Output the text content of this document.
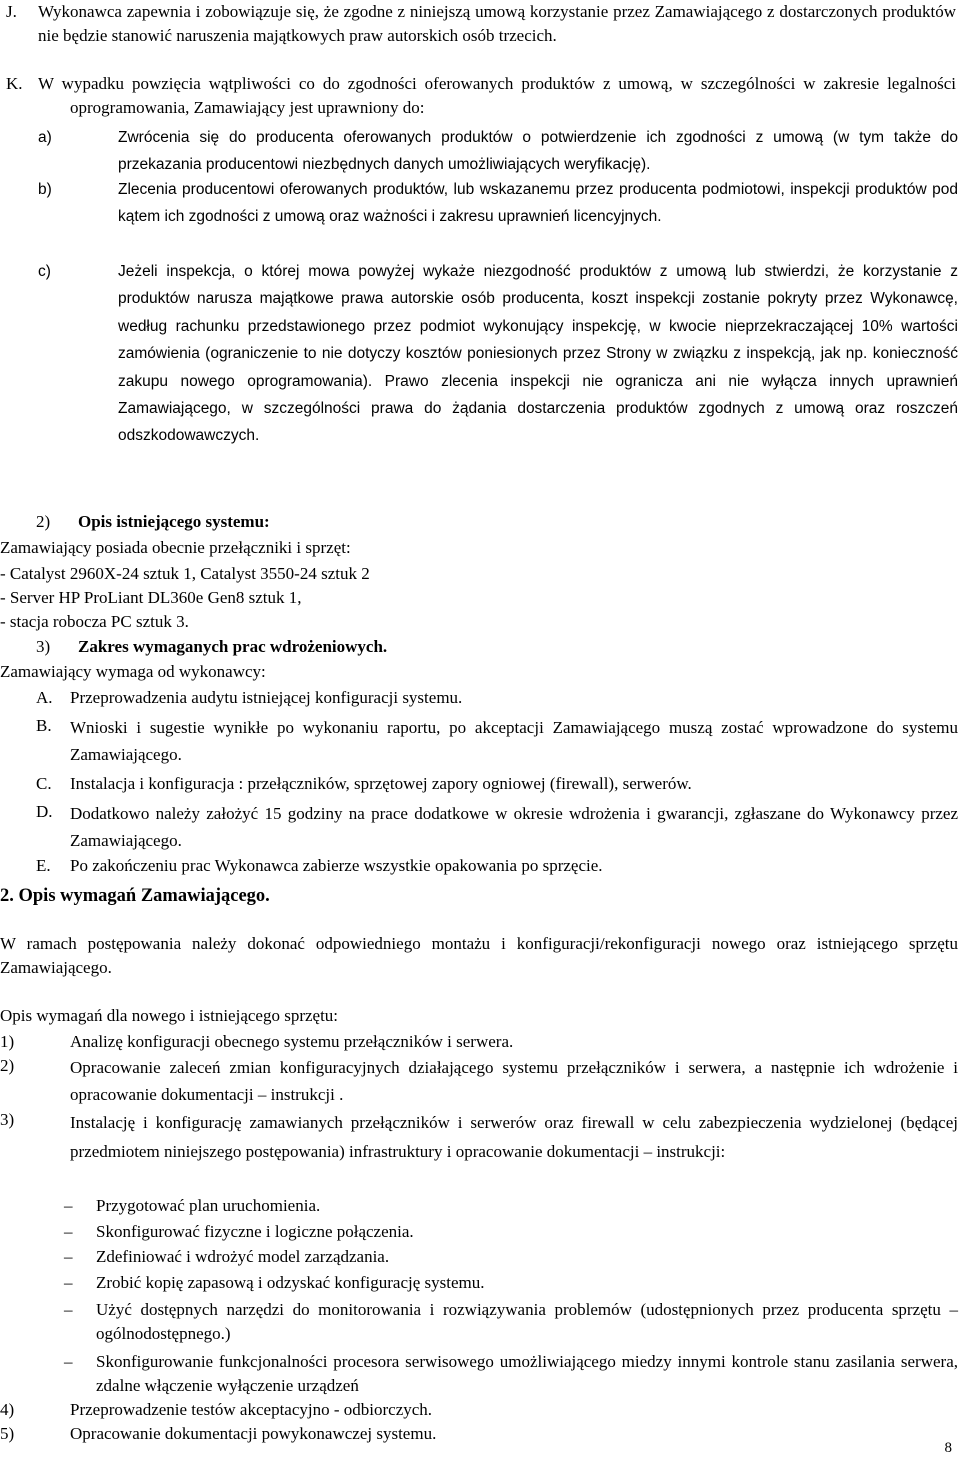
J. Wykonawca zapewnia i zobowiązuje się, że zgodne z niniejszą umową korzystanie przez Zamawiającego z dostarczonych produktów nie będzie stanowić naruszenia majątkowych praw autorskich osób trzecich.
K. W wypadku powzięcia wątpliwości co do zgodności oferowanych produktów z umową, w szczególności w zakresie legalności oprogramowania, Zamawiający jest uprawniony do:
a)	Zwrócenia się do producenta oferowanych produktów o potwierdzenie ich zgodności z umową (w tym także do przekazania producentowi niezbędnych danych umożliwiających weryfikację).
b)	Zlecenia producentowi oferowanych produktów, lub wskazanemu przez producenta podmiotowi, inspekcji produktów pod kątem ich zgodności z umową oraz ważności i zakresu uprawnień licencyjnych.
c)	Jeżeli inspekcja, o której mowa powyżej wykaże niezgodność produktów z umową lub stwierdzi, że korzystanie z produktów narusza majątkowe prawa autorskie osób producenta, koszt inspekcji zostanie pokryty przez Wykonawcę, według rachunku przedstawionego przez podmiot wykonujący inspekcję, w kwocie nieprzekraczającej 10% wartości zamówienia (ograniczenie to nie dotyczy kosztów poniesionych przez Strony w związku z inspekcją, jak np. konieczność zakupu nowego oprogramowania). Prawo zlecenia inspekcji nie ogranicza ani nie wyłącza innych uprawnień Zamawiającego, w szczególności prawa do żądania dostarczenia produktów zgodnych z umową oraz roszczeń odszkodowawczych.
2) Opis istniejącego systemu:
Zamawiający posiada obecnie przełączniki i sprzęt:
- Catalyst 2960X-24 sztuk 1, Catalyst 3550-24 sztuk 2
- Server HP ProLiant DL360e Gen8 sztuk 1,
- stacja robocza PC sztuk 3.
3) Zakres wymaganych prac wdrożeniowych.
Zamawiający wymaga od wykonawcy:
A. Przeprowadzenia audytu istniejącej konfiguracji systemu.
B. Wnioski i sugestie wynikłe po wykonaniu raportu, po akceptacji Zamawiającego muszą zostać wprowadzone do systemu Zamawiającego.
C. Instalacja i konfiguracja : przełączników, sprzętowej zapory ogniowej (firewall), serwerów.
D. Dodatkowo należy założyć 15 godziny na prace dodatkowe w okresie wdrożenia i gwarancji, zgłaszane do Wykonawcy przez Zamawiającego.
E. Po zakończeniu prac Wykonawca zabierze wszystkie opakowania po sprzęcie.
2. Opis wymagań Zamawiającego.
W ramach postępowania należy dokonać odpowiedniego montażu i konfiguracji/rekonfiguracji nowego oraz istniejącego sprzętu Zamawiającego.
Opis wymagań dla nowego i istniejącego sprzętu:
1)	Analizę konfiguracji obecnego systemu przełączników i serwera.
2)	Opracowanie zaleceń zmian konfiguracyjnych działającego systemu przełączników i serwera, a następnie ich wdrożenie i opracowanie dokumentacji – instrukcji .
3)	Instalację i konfigurację zamawianych przełączników i serwerów oraz firewall w celu zabezpieczenia wydzielonej (będącej przedmiotem niniejszego postępowania) infrastruktury i opracowanie dokumentacji – instrukcji:
– Przygotować plan uruchomienia.
– Skonfigurować fizyczne i logiczne połączenia.
– Zdefiniować i wdrożyć model zarządzania.
– Zrobić kopię zapasową i odzyskać konfigurację systemu.
– Użyć dostępnych narzędzi do monitorowania i rozwiązywania problemów (udostępnionych przez producenta sprzętu – ogólnodostępnego.)
– Skonfigurowanie funkcjonalności procesora serwisowego umożliwiającego miedzy innymi kontrole stanu zasilania serwera, zdalne włączenie wyłączenie urządzeń
4)	Przeprowadzenie testów akceptacyjno - odbiorczych.
5)	Opracowanie dokumentacji powykonawczej systemu.
8
